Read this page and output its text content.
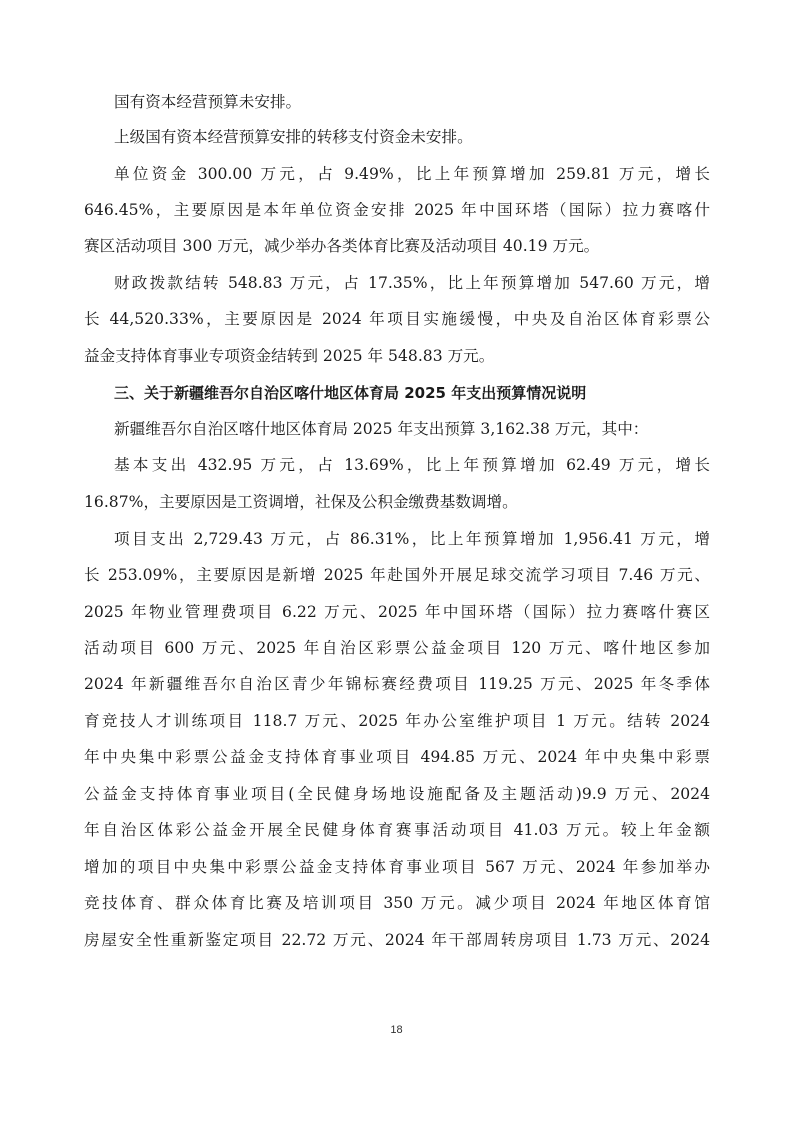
国有资本经营预算未安排。
上级国有资本经营预算安排的转移支付资金未安排。
单位资金 300.00 万元，占 9.49%，比上年预算增加 259.81 万元，增长
646.45%，主要原因是本年单位资金安排 2025 年中国环塔（国际）拉力赛喀什
赛区活动项目 300 万元，减少举办各类体育比赛及活动项目 40.19 万元。
财政拨款结转 548.83 万元，占 17.35%，比上年预算增加 547.60 万元，增
长 44,520.33%，主要原因是 2024 年项目实施缓慢，中央及自治区体育彩票公
益金支持体育事业专项资金结转到 2025 年 548.83 万元。
三、关于新疆维吾尔自治区喀什地区体育局 2025 年支出预算情况说明
新疆维吾尔自治区喀什地区体育局 2025 年支出预算 3,162.38 万元，其中：
基本支出 432.95 万元，占 13.69%，比上年预算增加 62.49 万元，增长
16.87%，主要原因是工资调增，社保及公积金缴费基数调增。
项目支出 2,729.43 万元，占 86.31%，比上年预算增加 1,956.41 万元，增
长 253.09%，主要原因是新增 2025 年赴国外开展足球交流学习项目 7.46 万元、
2025 年物业管理费项目 6.22 万元、2025 年中国环塔（国际）拉力赛喀什赛区
活动项目 600 万元、2025 年自治区彩票公益金项目 120 万元、喀什地区参加
2024 年新疆维吾尔自治区青少年锦标赛经费项目 119.25 万元、2025 年冬季体
育竞技人才训练项目 118.7 万元、2025 年办公室维护项目 1 万元。结转 2024
年中央集中彩票公益金支持体育事业项目 494.85 万元、2024 年中央集中彩票
公益金支持体育事业项目(全民健身场地设施配备及主题活动)9.9 万元、2024
年自治区体彩公益金开展全民健身体育赛事活动项目 41.03 万元。较上年金额
增加的项目中央集中彩票公益金支持体育事业项目 567 万元、2024 年参加举办
竞技体育、群众体育比赛及培训项目 350 万元。减少项目 2024 年地区体育馆
房屋安全性重新鉴定项目 22.72 万元、2024 年干部周转房项目 1.73 万元、2024
18
